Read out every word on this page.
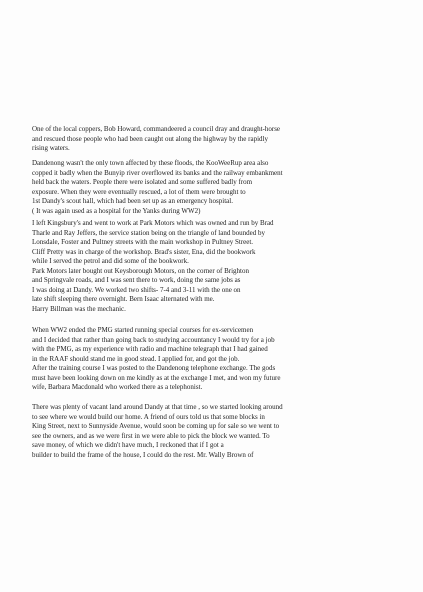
One of the local coppers, Bob Howard, commandeered a council dray and draught-horse
and rescued those people who had been caught out along the highway by the rapidly
rising waters.
Dandenong wasn't the only town affected by these floods, the KooWeeRup area also
copped it badly when the Bunyip river overflowed its banks and the railway embankment
held back the waters. People there were isolated and some suffered badly from
exposure. When they were eventually rescued, a lot of them were brought to
1st Dandy's scout hall, which had been set up as an emergency hospital.
( It was again used as a hospital for the Yanks during WW2)
I left Kingsbury's and went to work at Park Motors which was owned and run by Brad
Tharle and Ray Jeffers, the service station being on the triangle of land bounded by
Lonsdale, Foster and Pultney streets with the main workshop in Pultney Street.
Cliff Pretty was in charge of the workshop. Brad's sister, Ena, did the bookwork
while I served the petrol and did some of the bookwork.
Park Motors later bought out Keysborough Motors, on the corner of Brighton
and Springvale roads, and I was sent there to work, doing the same jobs as
I was doing at Dandy. We worked two shifts- 7-4 and 3-11 with the one on
late shift sleeping there overnight. Bern Isaac alternated with me.
Harry Billman was the mechanic.
When WW2 ended the PMG started running special courses for ex-servicemen
and I decided that rather than going back to studying accountancy I would try for a job
with the PMG, as my experience with radio and machine telegraph that I had gained
in the RAAF should stand me in good stead. I applied for, and got the job.
After the training course I was posted to the Dandenong telephone exchange. The gods
must have been looking down on me kindly as at the exchange I met, and won my future
wife, Barbara Macdonald who worked there as a telephonist.
There was plenty of vacant land around Dandy at that time , so we started looking around
to see where we would build our home. A friend of ours told us that some blocks in
King Street, next to Sunnyside Avenue, would soon be coming up for sale so we went to
see the owners, and as we were first in we were able to pick the block we wanted. To
save money, of which we didn't have much, I reckoned that if I got a
builder to build the frame of the house, I could do the rest. Mr. Wally Brown of
